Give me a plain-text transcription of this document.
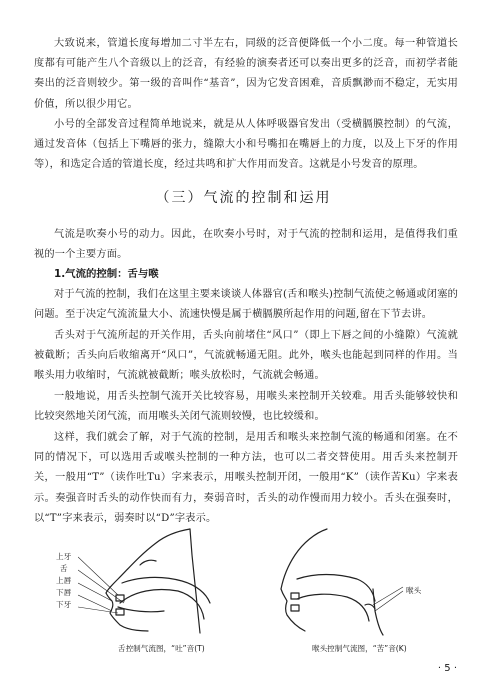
大致说来，管道长度每增加二寸半左右，同级的泛音便降低一个小二度。每一种管道长度都有可能产生八个音级以上的泛音，有经验的演奏者还可以奏出更多的泛音，而初学者能奏出的泛音则较少。第一级的音叫作“基音”，因为它发音困难，音质飘渺而不稳定，无实用价值，所以很少用它。

小号的全部发音过程简单地说来，就是从人体呼吸器官发出（受横膈膜控制）的气流，通过发音体（包括上下嘴唇的张力，缝隙大小和号嘴扣在嘴唇上的力度，以及上下牙的作用等），和选定合适的管道长度，经过共鸣和扩大作用而发音。这就是小号发音的原理。

（三）气流的控制和运用

气流是吹奏小号的动力。因此，在吹奏小号时，对于气流的控制和运用，是值得我们重视的一个主要方面。

1.气流的控制：舌与喉

对于气流的控制，我们在这里主要来谈谈人体器官(舌和喉头)控制气流使之畅通或闭塞的问题。至于决定气流流量大小、流速快慢是属于横膈膜所起作用的问题,留在下节去讲。

舌头对于气流所起的开关作用，舌头向前堵住“风口”（即上下唇之间的小缝隙）气流就被截断；舌头向后收缩离开“风口”，气流就畅通无阻。此外，喉头也能起到同样的作用。当喉头用力收缩时，气流就被截断；喉头放松时，气流就会畅通。

一般地说，用舌头控制气流开关比较容易，用喉头来控制开关较难。用舌头能够较快和比较突然地关闭气流，而用喉头关闭气流则较慢，也比较缓和。

这样，我们就会了解，对于气流的控制，是用舌和喉头来控制气流的畅通和闭塞。在不同的情况下，可以选用舌或喉头控制的一种方法，也可以二者交替使用。用舌头来控制开关，一般用“T”（读作吐Tu）字来表示，用喉头控制开闭，一般用“K”（读作苦Ku）字来表示。奏强音时舌头的动作快而有力，奏弱音时，舌头的动作慢而用力较小。舌头在强奏时，以“T”字来表示，弱奏时以“D”字表示。

上牙
舌
上唇
下唇
下牙
喉头
舌控制气流图，“吐”音(T)	喉头控制气流图，“苦”音(K)
· 5 ·
